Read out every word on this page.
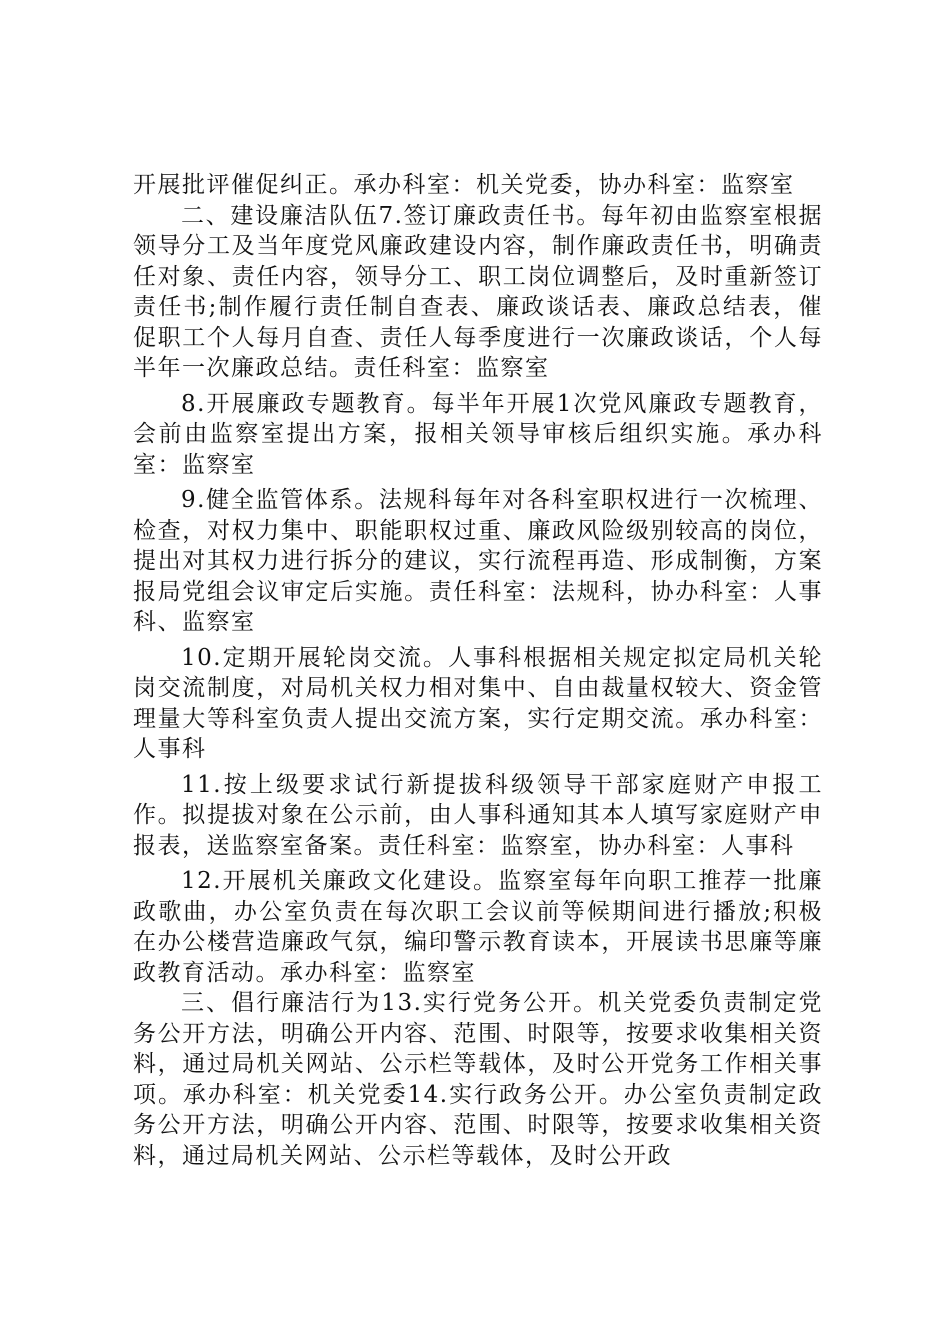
开展批评催促纠正。承办科室：机关党委，协办科室：监察室

二、建设廉洁队伍7.签订廉政责任书。每年初由监察室根据领导分工及当年度党风廉政建设内容，制作廉政责任书，明确责任对象、责任内容，领导分工、职工岗位调整后，及时重新签订责任书;制作履行责任制自查表、廉政谈话表、廉政总结表，催促职工个人每月自查、责任人每季度进行一次廉政谈话，个人每半年一次廉政总结。责任科室：监察室

8.开展廉政专题教育。每半年开展1次党风廉政专题教育，会前由监察室提出方案，报相关领导审核后组织实施。承办科室：监察室

9.健全监管体系。法规科每年对各科室职权进行一次梳理、检查，对权力集中、职能职权过重、廉政风险级别较高的岗位，提出对其权力进行拆分的建议，实行流程再造、形成制衡，方案报局党组会议审定后实施。责任科室：法规科，协办科室：人事科、监察室

10.定期开展轮岗交流。人事科根据相关规定拟定局机关轮岗交流制度，对局机关权力相对集中、自由裁量权较大、资金管理量大等科室负责人提出交流方案，实行定期交流。承办科室：人事科

11.按上级要求试行新提拔科级领导干部家庭财产申报工作。拟提拔对象在公示前，由人事科通知其本人填写家庭财产申报表，送监察室备案。责任科室：监察室，协办科室：人事科

12.开展机关廉政文化建设。监察室每年向职工推荐一批廉政歌曲，办公室负责在每次职工会议前等候期间进行播放;积极在办公楼营造廉政气氛，编印警示教育读本，开展读书思廉等廉政教育活动。承办科室：监察室

三、倡行廉洁行为13.实行党务公开。机关党委负责制定党务公开方法，明确公开内容、范围、时限等，按要求收集相关资料，通过局机关网站、公示栏等载体，及时公开党务工作相关事项。承办科室：机关党委14.实行政务公开。办公室负责制定政务公开方法，明确公开内容、范围、时限等，按要求收集相关资料，通过局机关网站、公示栏等载体，及时公开政
